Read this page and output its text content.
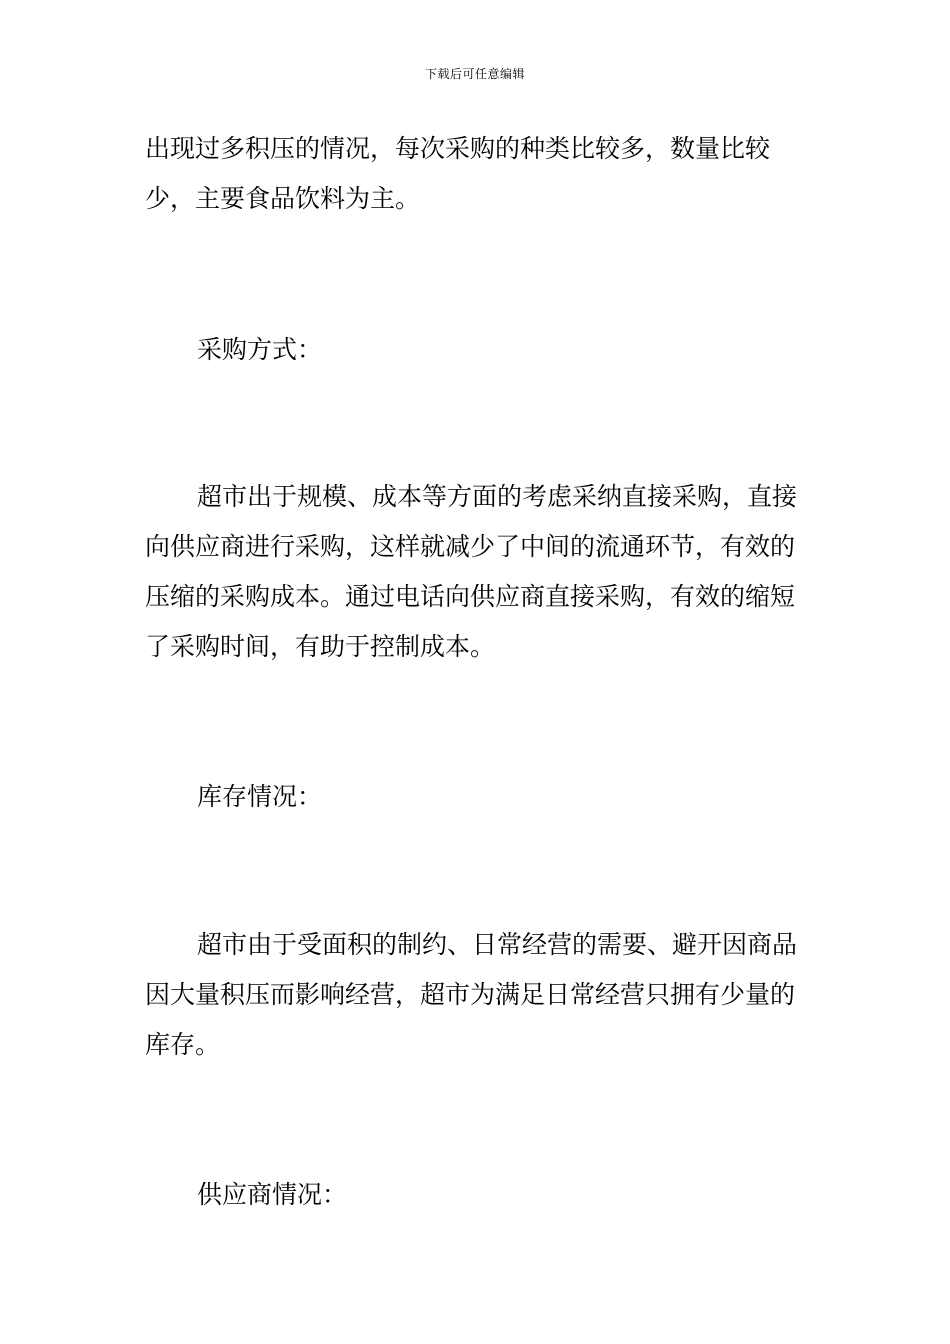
下载后可任意编辑

出现过多积压的情况，每次采购的种类比较多，数量比较少，主要食品饮料为主。

采购方式：

超市出于规模、成本等方面的考虑采纳直接采购，直接向供应商进行采购，这样就减少了中间的流通环节，有效的压缩的采购成本。通过电话向供应商直接采购，有效的缩短了采购时间，有助于控制成本。

库存情况：

超市由于受面积的制约、日常经营的需要、避开因商品因大量积压而影响经营，超市为满足日常经营只拥有少量的库存。

供应商情况：
